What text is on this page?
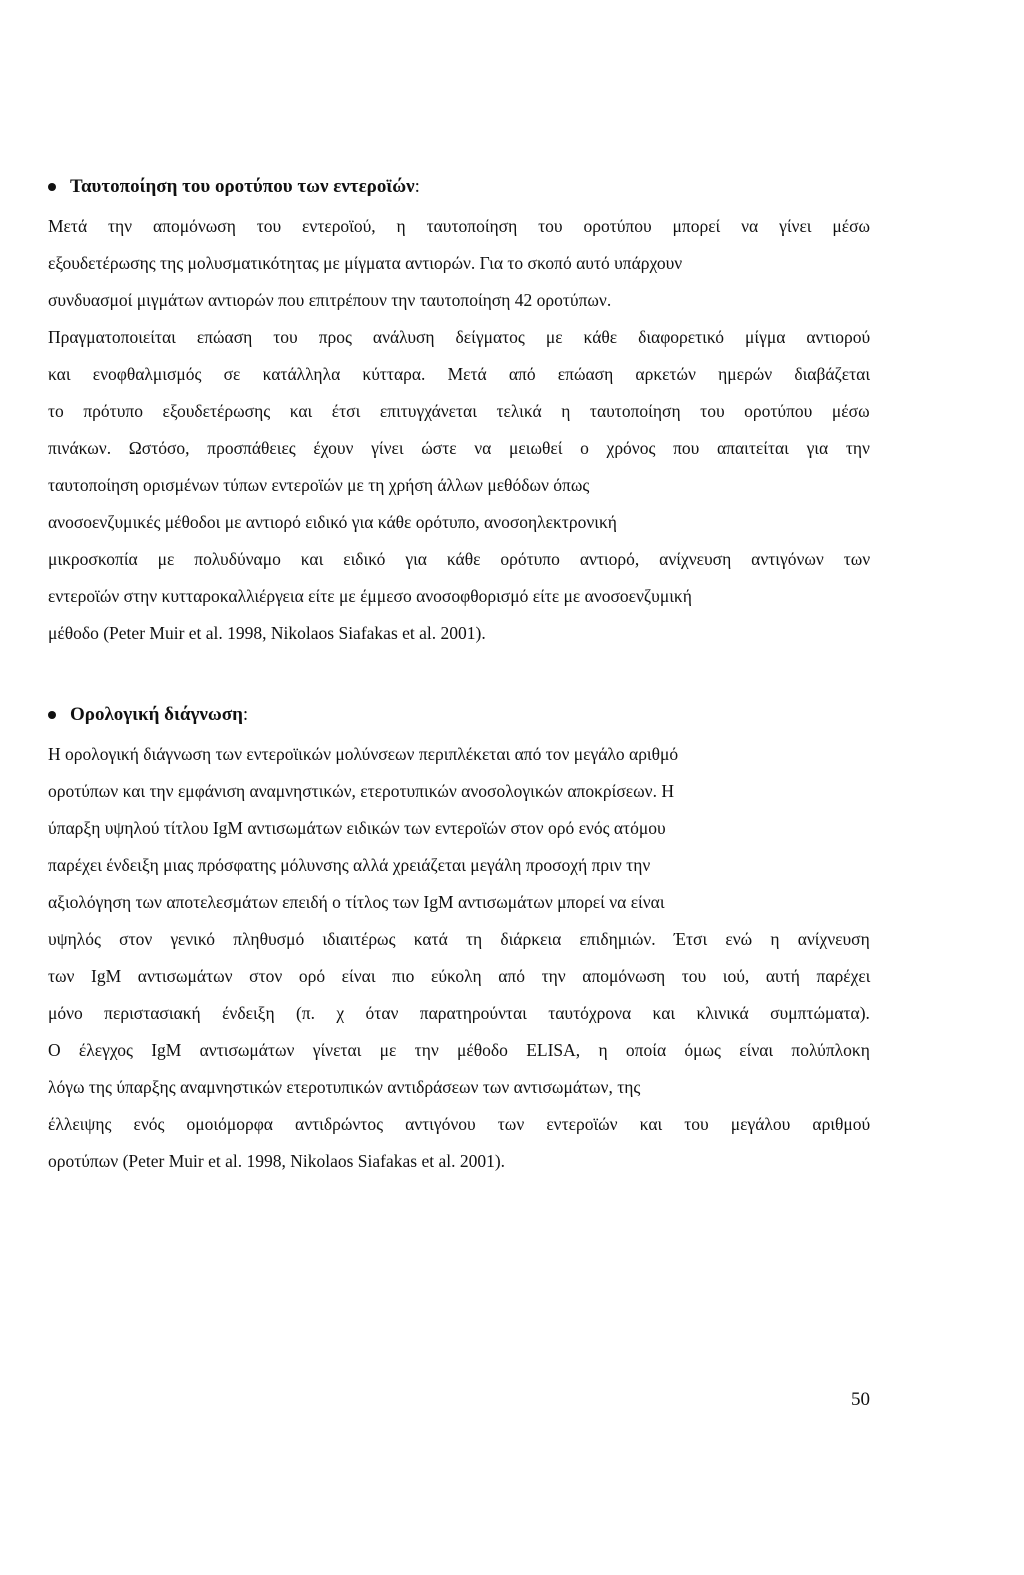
Ταυτοποίηση του οροτύπου των εντεροϊών:

Μετά την απομόνωση του εντεροϊού, η ταυτοποίηση του οροτύπου μπορεί να γίνει μέσω
εξουδετέρωσης της μολυσματικότητας με μίγματα αντιορών. Για το σκοπό αυτό υπάρχουν
συνδυασμοί μιγμάτων αντιορών που επιτρέπουν την ταυτοποίηση 42 οροτύπων.
Πραγματοποιείται επώαση του προς ανάλυση δείγματος με κάθε διαφορετικό μίγμα αντιορού
και ενοφθαλμισμός σε κατάλληλα κύτταρα. Μετά από επώαση αρκετών ημερών διαβάζεται
το πρότυπο εξουδετέρωσης και έτσι επιτυγχάνεται τελικά η ταυτοποίηση του οροτύπου μέσω
πινάκων. Ωστόσο, προσπάθειες έχουν γίνει ώστε να μειωθεί ο χρόνος που απαιτείται για την
ταυτοποίηση ορισμένων τύπων εντεροϊών με τη χρήση άλλων μεθόδων όπως
ανοσοενζυμικές μέθοδοι με αντιορό ειδικό για κάθε ορότυπο, ανοσοηλεκτρονική
μικροσκοπία με πολυδύναμο και ειδικό για κάθε ορότυπο αντιορό, ανίχνευση αντιγόνων των
εντεροϊών στην κυτταροκαλλιέργεια είτε με έμμεσο ανοσοφθορισμό είτε με ανοσοενζυμική
μέθοδο (Peter Muir et al. 1998, Nikolaos Siafakas et al. 2001).

Ορολογική διάγνωση:

Η ορολογική διάγνωση των εντεροϊικών μολύνσεων περιπλέκεται από τον μεγάλο αριθμό
οροτύπων και την εμφάνιση αναμνηστικών, ετεροτυπικών ανοσολογικών αποκρίσεων. Η
ύπαρξη υψηλού τίτλου IgM αντισωμάτων ειδικών των εντεροϊών στον ορό ενός ατόμου
παρέχει ένδειξη μιας πρόσφατης μόλυνσης αλλά χρειάζεται μεγάλη προσοχή πριν την
αξιολόγηση των αποτελεσμάτων επειδή ο τίτλος των IgM αντισωμάτων μπορεί να είναι
υψηλός στον γενικό πληθυσμό ιδιαιτέρως κατά τη διάρκεια επιδημιών. Έτσι ενώ η ανίχνευση
των IgM αντισωμάτων στον ορό είναι πιο εύκολη από την απομόνωση του ιού, αυτή παρέχει
μόνο περιστασιακή ένδειξη (π. χ όταν παρατηρούνται ταυτόχρονα και κλινικά συμπτώματα).
Ο έλεγχος IgM αντισωμάτων γίνεται με την μέθοδο ELISA, η οποία όμως είναι πολύπλοκη
λόγω της ύπαρξης αναμνηστικών ετεροτυπικών αντιδράσεων των αντισωμάτων, της
έλλειψης ενός ομοιόμορφα αντιδρώντος αντιγόνου των εντεροϊών και του μεγάλου αριθμού
οροτύπων (Peter Muir et al. 1998, Nikolaos Siafakas et al. 2001).

50
